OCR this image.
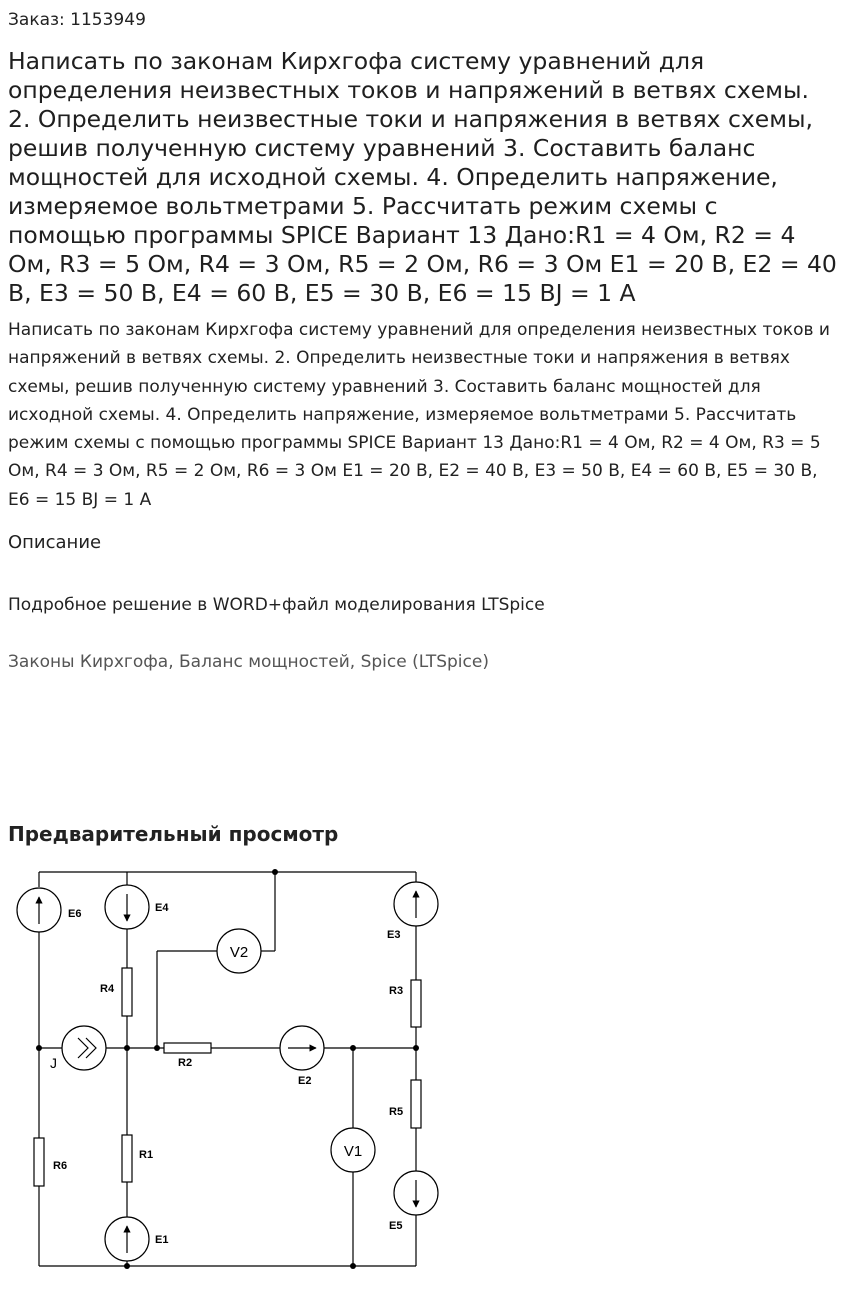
Заказ: 1153949
Написать по законам Кирхгофа систему уравнений для определения неизвестных токов и напряжений в ветвях схемы. 2. Определить неизвестные токи и напряжения в ветвях схемы, решив полученную систему уравнений 3. Составить баланс мощностей для исходной схемы. 4. Определить напряжение, измеряемое вольтметрами 5. Рассчитать режим схемы с помощью программы SPICE Вариант 13 Дано:R1 = 4 Ом, R2 = 4 Ом, R3 = 5 Ом, R4 = 3 Ом, R5 = 2 Ом, R6 = 3 Ом E1 = 20 В, E2 = 40 В, E3 = 50 В, E4 = 60 В, E5 = 30 В, E6 = 15 ВJ = 1 А

Написать по законам Кирхгофа систему уравнений для определения неизвестных токов и напряжений в ветвях схемы. 2. Определить неизвестные токи и напряжения в ветвях схемы, решив полученную систему уравнений 3. Составить баланс мощностей для исходной схемы. 4. Определить напряжение, измеряемое вольтметрами 5. Рассчитать режим схемы с помощью программы SPICE Вариант 13 Дано:R1 = 4 Ом, R2 = 4 Ом, R3 = 5 Ом, R4 = 3 Ом, R5 = 2 Ом, R6 = 3 Ом E1 = 20 В, E2 = 40 В, E3 = 50 В, E4 = 60 В, E5 = 30 В, E6 = 15 ВJ = 1 А

Описание
Подробное решение в WORD+файл моделирования LTSpice
Законы Кирхгофа, Баланс мощностей, Spice (LTSpice)
Предварительный просмотр
E6	E4
E3
R4	R3
R2
E2
R5
R6
R1
E5
E1
J
V2
V1
